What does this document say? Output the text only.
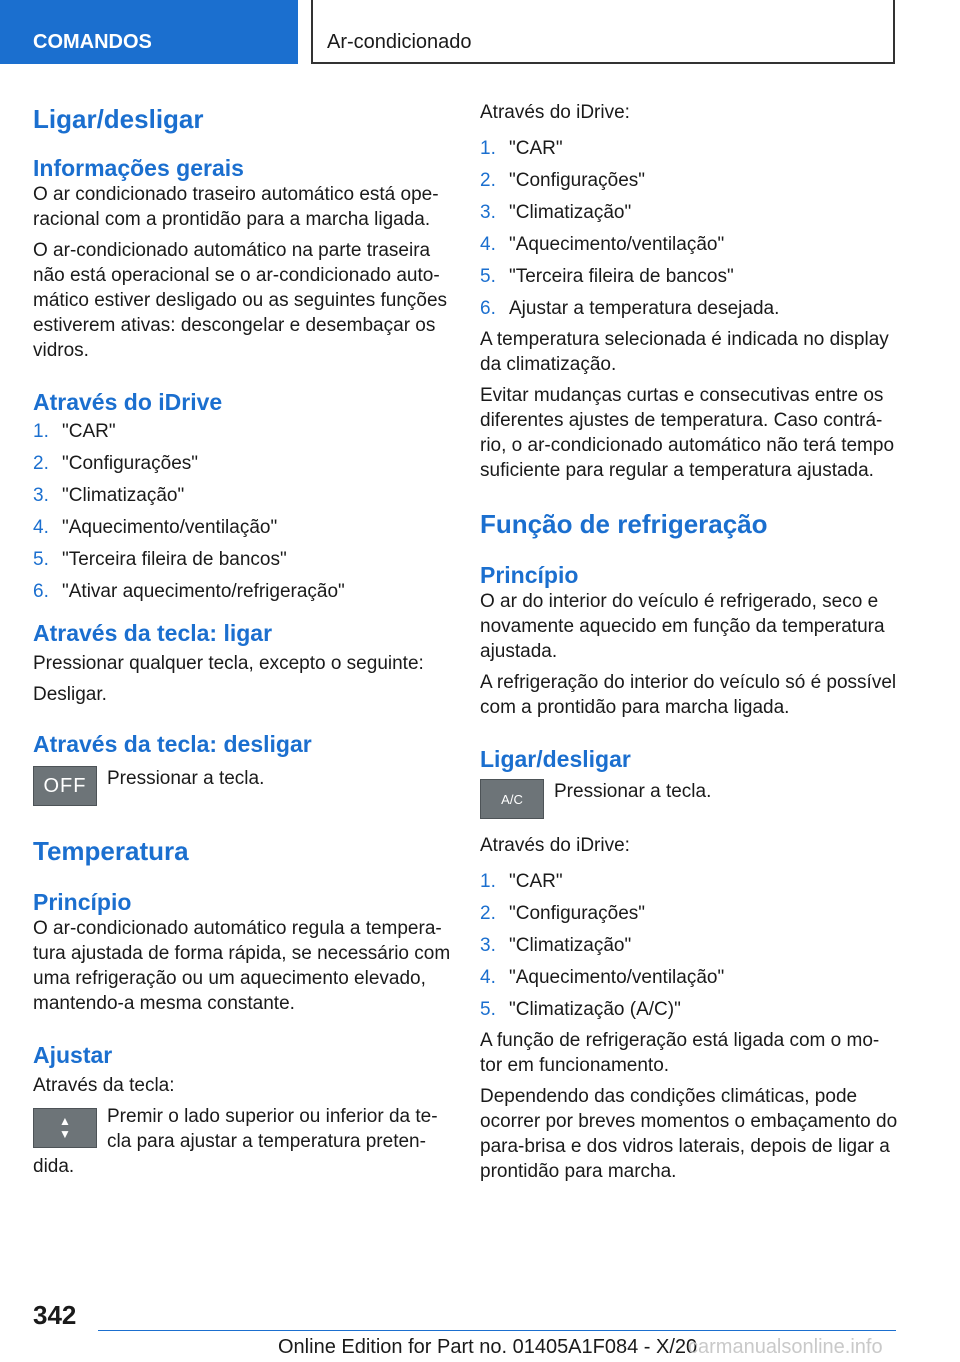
COMANDOS	Ar-condicionado
Ligar/desligar
Informações gerais

O ar condicionado traseiro automático está ope-racional com a prontidão para a marcha ligada.

O ar-condicionado automático na parte traseira não está operacional se o ar-condicionado auto-mático estiver desligado ou as seguintes funções estiverem ativas: descongelar e desembaçar os vidros.

Através do iDrive
1. "CAR"
2. "Configurações"
3. "Climatização"
4. "Aquecimento/ventilação"
5. "Terceira fileira de bancos"
6. "Ativar aquecimento/refrigeração"
Através da tecla: ligar

Pressionar qualquer tecla, excepto o seguinte:

Desligar.

Através da tecla: desligar
OFF Pressionar a tecla.

Temperatura
Princípio

O ar-condicionado automático regula a tempera-tura ajustada de forma rápida, se necessário com uma refrigeração ou um aquecimento elevado, mantendo-a mesma constante.

Ajustar

Através da tecla:

▲
▼

Premir o lado superior ou inferior da te-cla para ajustar a temperatura preten-dida.

Através do iDrive:

1. "CAR"
2. "Configurações"
3. "Climatização"
4. "Aquecimento/ventilação"
5. "Terceira fileira de bancos"
6. Ajustar a temperatura desejada.

A temperatura selecionada é indicada no display da climatização.

Evitar mudanças curtas e consecutivas entre os diferentes ajustes de temperatura. Caso contrá-rio, o ar-condicionado automático não terá tempo suficiente para regular a temperatura ajustada.

Função de refrigeração
Princípio

O ar do interior do veículo é refrigerado, seco e novamente aquecido em função da temperatura ajustada.

A refrigeração do interior do veículo só é possível com a prontidão para marcha ligada.

Ligar/desligar
A/C Pressionar a tecla.

Através do iDrive:

1. "CAR"
2. "Configurações"
3. "Climatização"
4. "Aquecimento/ventilação"
5. "Climatização (A/C)"

A função de refrigeração está ligada com o mo-tor em funcionamento.

Dependendo das condições climáticas, pode ocorrer por breves momentos o embaçamento do para-brisa e dos vidros laterais, depois de ligar a prontidão para marcha.

342
Online Edition for Part no. 01405A1F084 - X/20
carmanualsonline.info
